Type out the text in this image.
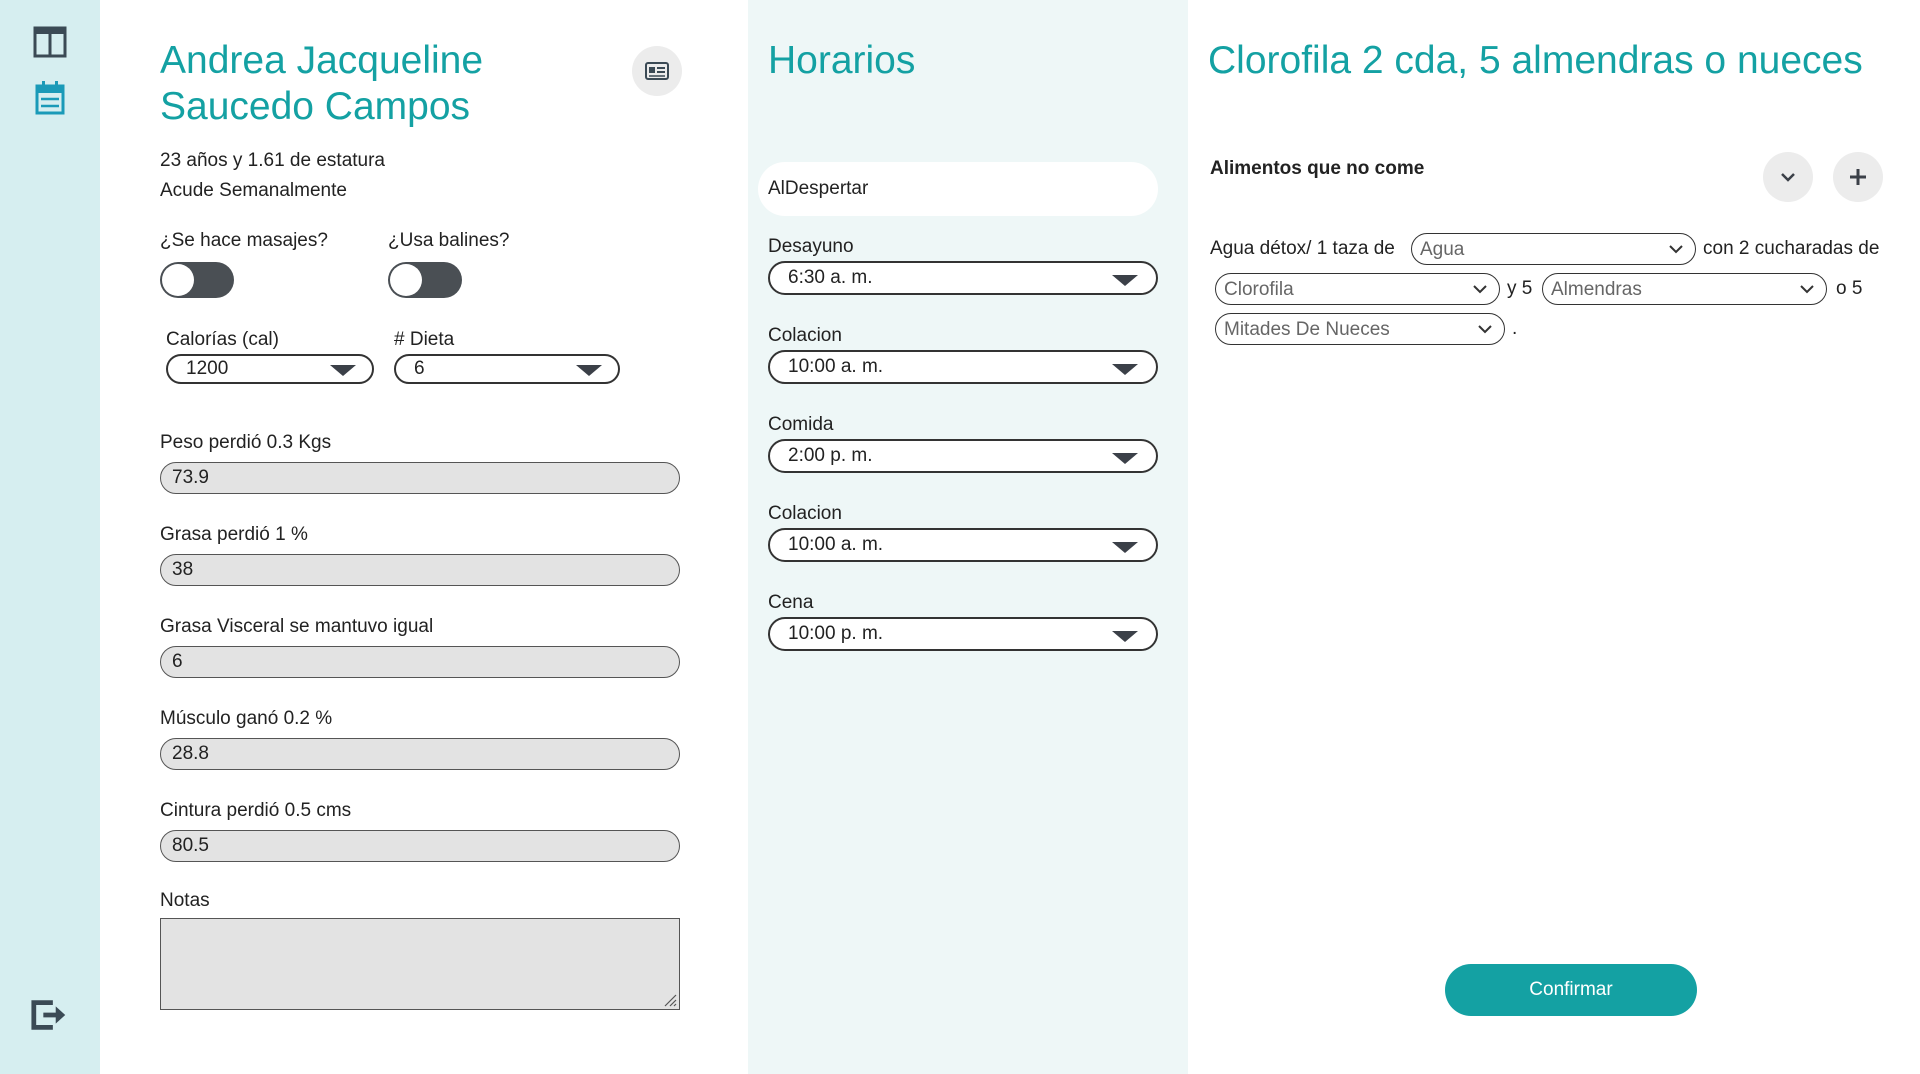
Andrea Jacqueline
Saucedo Campos
23 años y 1.61 de estatura
Acude Semanalmente
¿Se hace masajes?	¿Usa balines?
Calorías (cal)	# Dieta
1200	6
Peso perdió 0.3 Kgs
73.9
Grasa perdió 1 %
38
Grasa Visceral se mantuvo igual
6
Músculo ganó 0.2 %
28.8
Cintura perdió 0.5 cms
80.5
Notas
Horarios
AlDespertar
Desayuno
6:30 a. m.
Colacion
10:00 a. m.
Comida
2:00 p. m.
Colacion
10:00 a. m.
Cena
10:00 p. m.
Clorofila 2 cda, 5 almendras o nueces
Alimentos que no come
Agua détox/ 1 taza de	Agua	con 2 cucharadas de
Clorofila	y 5 Almendras	o 5
Mitades De Nueces	.
Confirmar
